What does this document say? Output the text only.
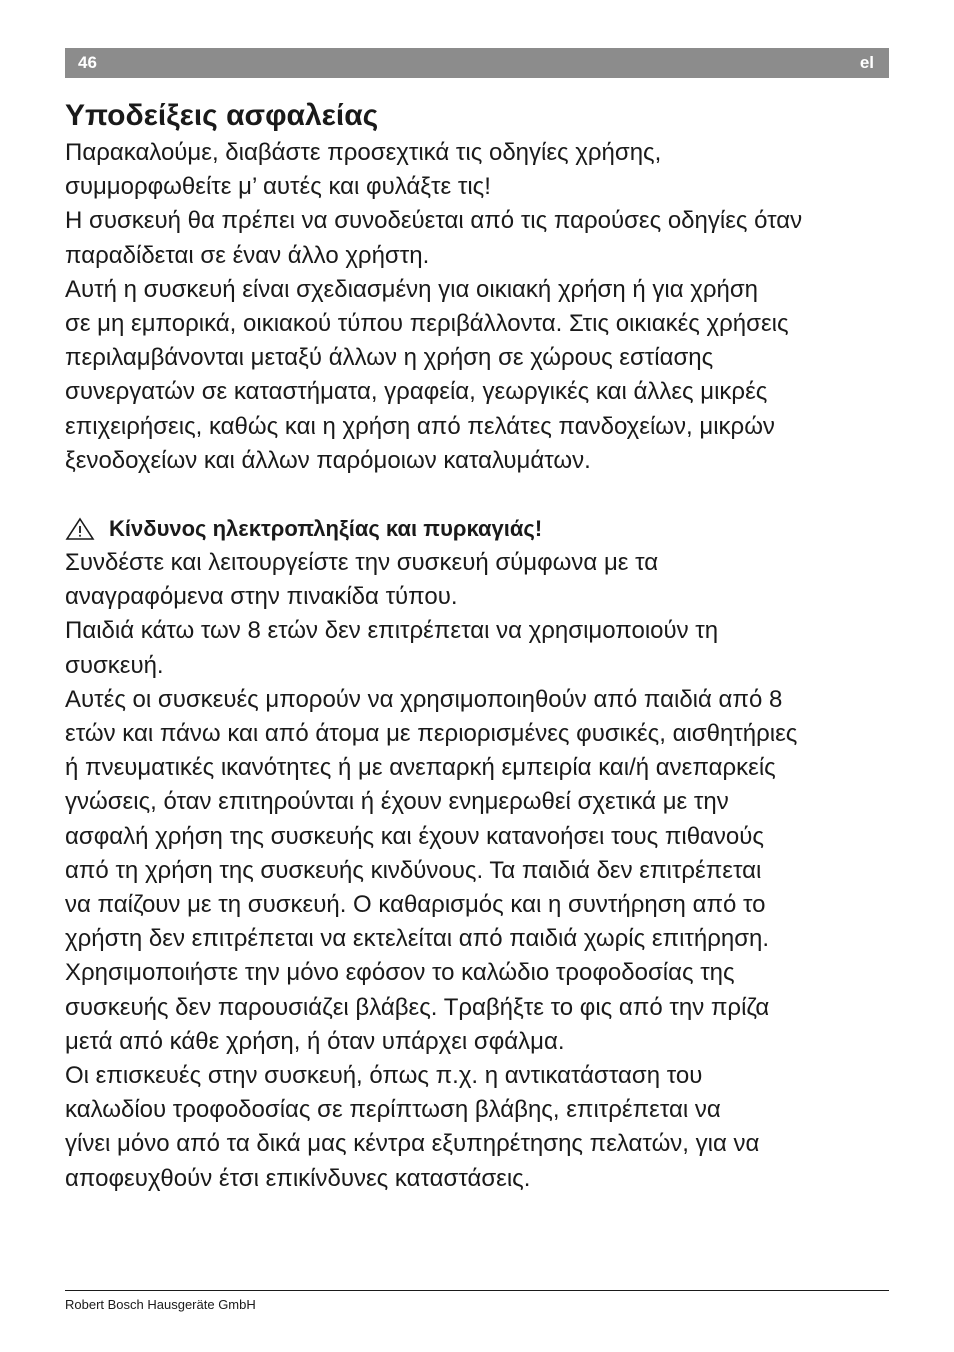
46	el
Υποδείξεις ασφαλείας

Παρακαλούμε, διαβάστε προσεχτικά τις οδηγίες χρήσης,
συμμορφωθείτε μ’ αυτές και φυλάξτε τις!

Η συσκευή θα πρέπει να συνοδεύεται από τις παρούσες οδηγίες όταν
παραδίδεται σε έναν άλλο χρήστη.

Αυτή η συσκευή είναι σχεδιασμένη για οικιακή χρήση ή για χρήση
σε μη εμπορικά, οικιακού τύπου περιβάλλοντα. Στις οικιακές χρήσεις
περιλαμβάνονται μεταξύ άλλων η χρήση σε χώρους εστίασης
συνεργατών σε καταστήματα, γραφεία, γεωργικές και άλλες μικρές
επιχειρήσεις, καθώς και η χρήση από πελάτες πανδοχείων, μικρών
ξενοδοχείων και άλλων παρόμοιων καταλυμάτων.

Κίνδυνος ηλεκτροπληξίας και πυρκαγιάς!

Συνδέστε και λειτουργείστε την συσκευή σύμφωνα με τα
αναγραφόμενα στην πινακίδα τύπου.

Παιδιά κάτω των 8 ετών δεν επιτρέπεται να χρησιμοποιούν τη
συσκευή.

Αυτές οι συσκευές μπορούν να χρησιμοποιηθούν από παιδιά από 8
ετών και πάνω και από άτομα με περιορισμένες φυσικές, αισθητήριες
ή πνευματικές ικανότητες ή με ανεπαρκή εμπειρία και/ή ανεπαρκείς
γνώσεις, όταν επιτηρούνται ή έχουν ενημερωθεί σχετικά με την
ασφαλή χρήση της συσκευής και έχουν κατανοήσει τους πιθανούς
από τη χρήση της συσκευής κινδύνους. Τα παιδιά δεν επιτρέπεται
να παίζουν με τη συσκευή. Ο καθαρισμός και η συντήρηση από το
χρήστη δεν επιτρέπεται να εκτελείται από παιδιά χωρίς επιτήρηση.

Χρησιμοποιήστε την μόνο εφόσον το καλώδιο τροφοδοσίας της
συσκευής δεν παρουσιάζει βλάβες. Τραβήξτε το φις από την πρίζα
μετά από κάθε χρήση, ή όταν υπάρχει σφάλμα.

Οι επισκευές στην συσκευή, όπως π.χ. η αντικατάσταση του
καλωδίου τροφοδοσίας σε περίπτωση βλάβης, επιτρέπεται να
γίνει μόνο από τα δικά μας κέντρα εξυπηρέτησης πελατών, για να
αποφευχθούν έτσι επικίνδυνες καταστάσεις.

Robert Bosch Hausgeräte GmbH
